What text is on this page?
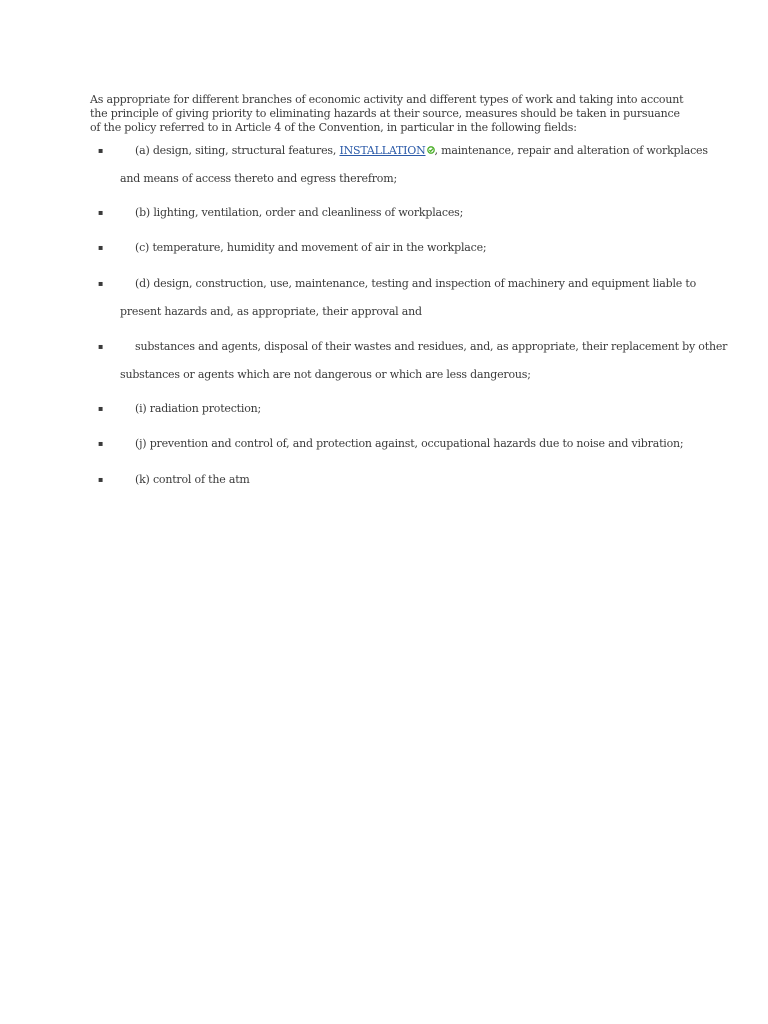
As appropriate for different branches of economic activity and different types of work and taking into account the principle of giving priority to eliminating hazards at their source, measures should be taken in pursuance of the policy referred to in Article 4 of the Convention, in particular in the following fields:

▪	(a) design, siting, structural features, INSTALLATION , maintenance, repair and alteration of workplaces
and means of access thereto and egress therefrom;
▪	(b) lighting, ventilation, order and cleanliness of workplaces;
▪	(c) temperature, humidity and movement of air in the workplace;
▪	(d) design, construction, use, maintenance, testing and inspection of machinery and equipment liable to
present hazards and, as appropriate, their approval and
▪	substances and agents, disposal of their wastes and residues, and, as appropriate, their replacement by other
substances or agents which are not dangerous or which are less dangerous;
▪	(i) radiation protection;
▪	(j) prevention and control of, and protection against, occupational hazards due to noise and vibration;
▪	(k) control of the atm
